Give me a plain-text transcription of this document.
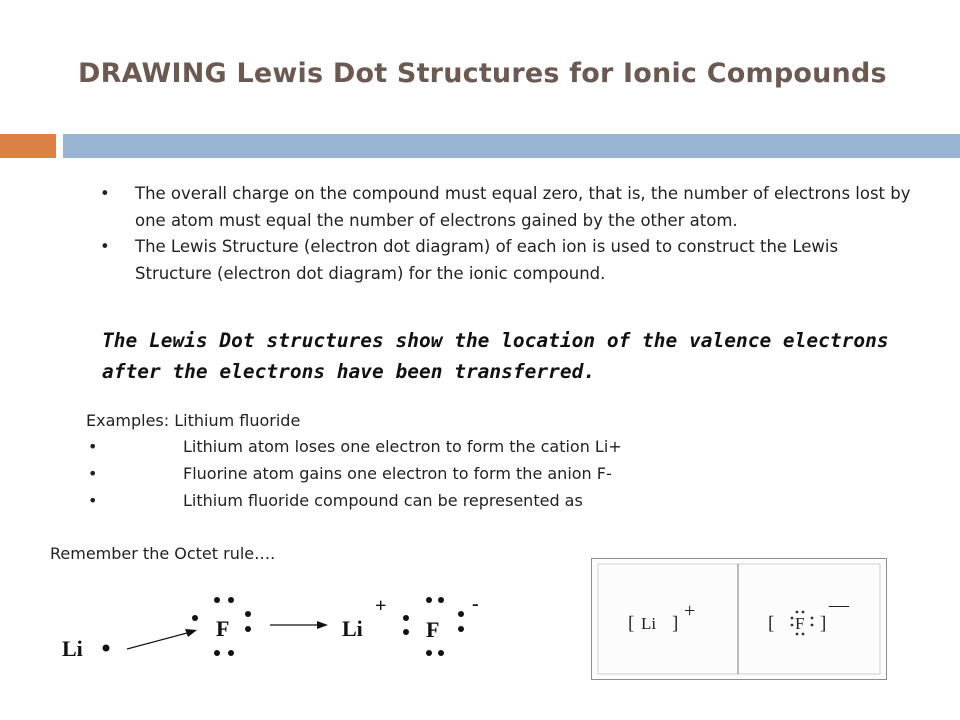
DRAWING Lewis Dot Structures for Ionic Compounds
• The overall charge on the compound must equal zero, that is, the number of electrons lost by one atom must equal the number of electrons gained by the other atom.
• The Lewis Structure (electron dot diagram) of each ion is used to construct the Lewis Structure (electron dot diagram) for the ionic compound.
The Lewis Dot structures show the location of the valence electrons after the electrons have been transferred.
Examples: Lithium fluoride
•	Lithium atom loses one electron to form the cation Li+
•	Fluorine atom gains one electron to form the anion F-
•	Lithium fluoride compound can be represented as
Remember the Octet rule….
Li
F	Li
+
F
-
[ Li ]
+
[ F ]
—
